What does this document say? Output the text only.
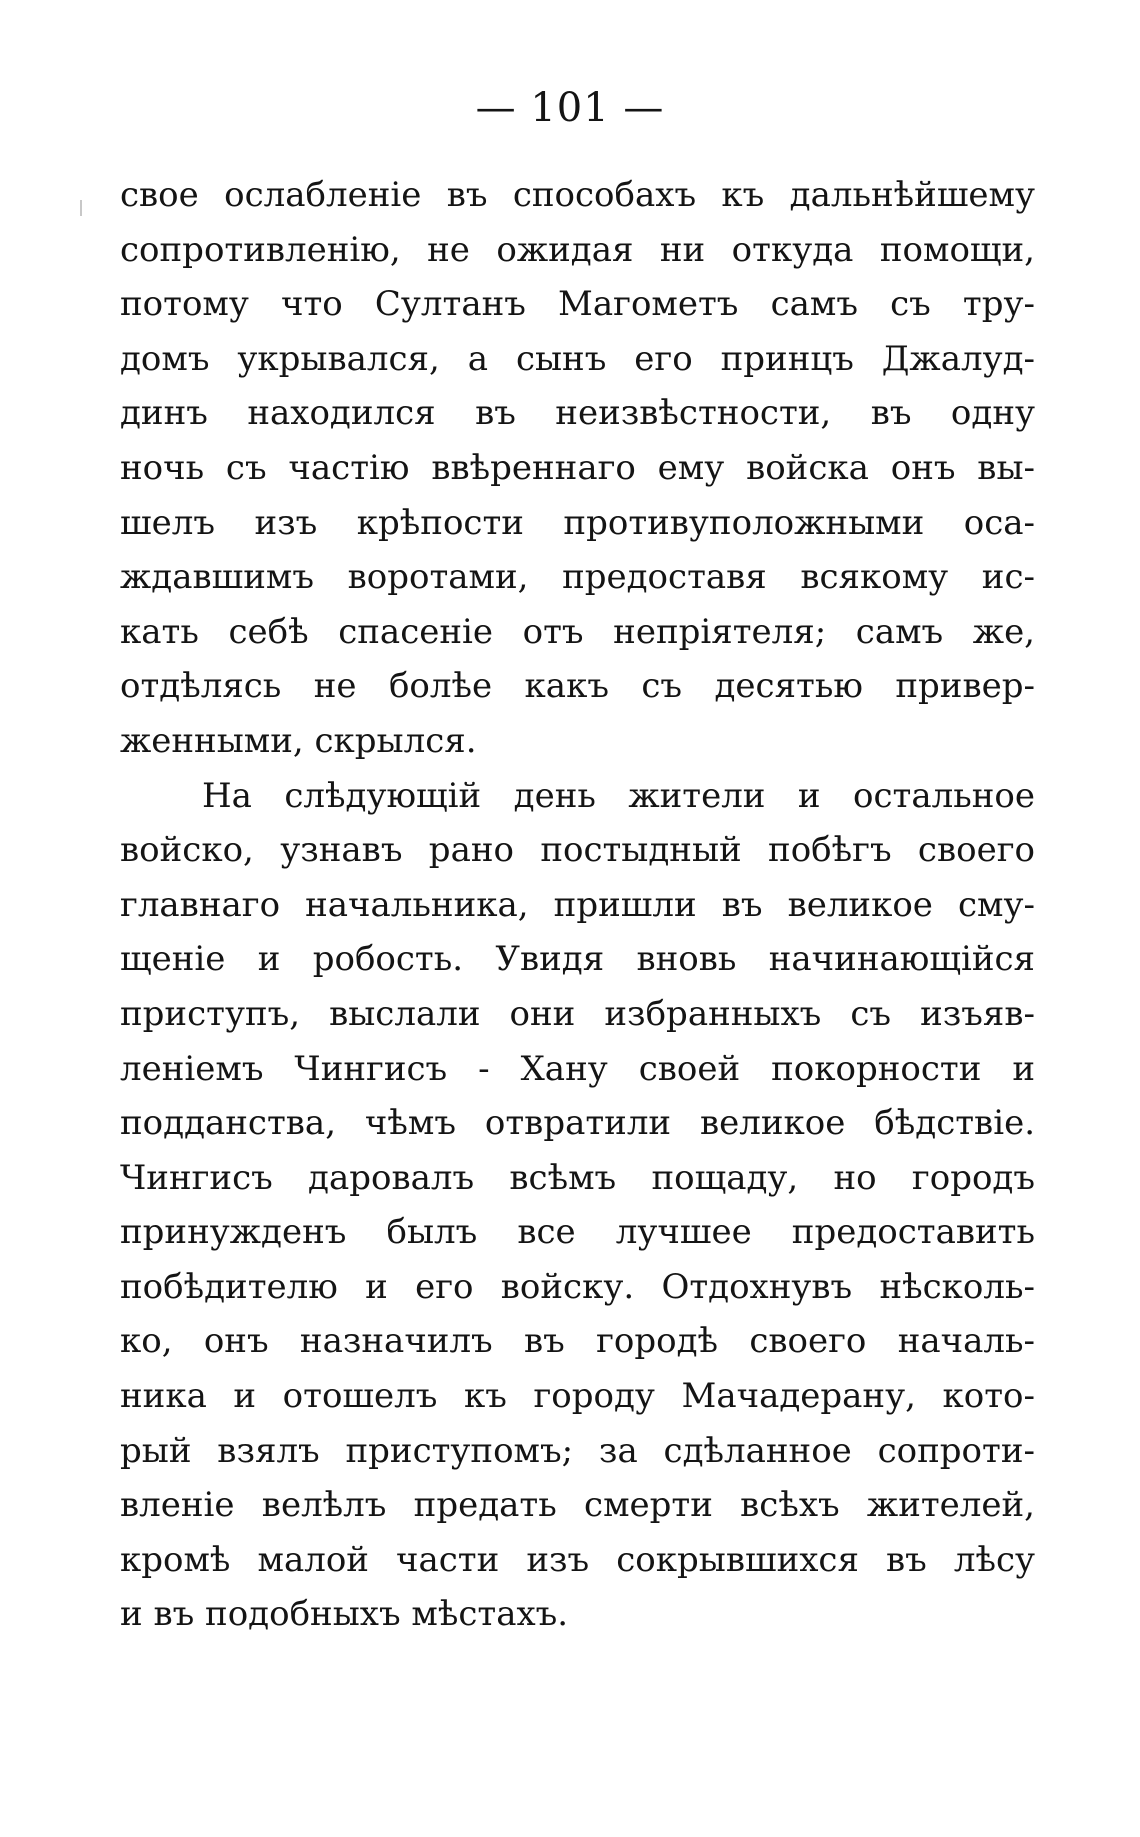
— 101 —
свое ослабленіе въ способахъ къ дальнѣйшему
сопротивленію, не ожидая ни откуда помощи,
потому что Султанъ Магометъ самъ съ тру-
домъ укрывался, а сынъ его принцъ Джалуд-
динъ находился въ неизвѣстности, въ одну
ночь съ частію ввѣреннаго ему войска онъ вы-
шелъ изъ крѣпости противуположными оса-
ждавшимъ воротами, предоставя всякому ис-
кать себѣ спасеніе отъ непріятеля; самъ же,
отдѣлясь не болѣе какъ съ десятью привер-
женными, скрылся.
На слѣдующій день жители и остальное
войско, узнавъ рано постыдный побѣгъ своего
главнаго начальника, пришли въ великое сму-
щеніе и робость. Увидя вновь начинающійся
приступъ, выслали они избранныхъ съ изъяв-
леніемъ Чингисъ - Хану своей покорности и
подданства, чѣмъ отвратили великое бѣдствіе.
Чингисъ даровалъ всѣмъ пощаду, но городъ
принужденъ былъ все лучшее предоставить
побѣдителю и его войску. Отдохнувъ нѣсколь-
ко, онъ назначилъ въ городѣ своего началь-
ника и отошелъ къ городу Мачадерану, кото-
рый взялъ приступомъ; за сдѣланное сопроти-
вленіе велѣлъ предать смерти всѣхъ жителей,
кромѣ малой части изъ сокрывшихся въ лѣсу
и въ подобныхъ мѣстахъ.
